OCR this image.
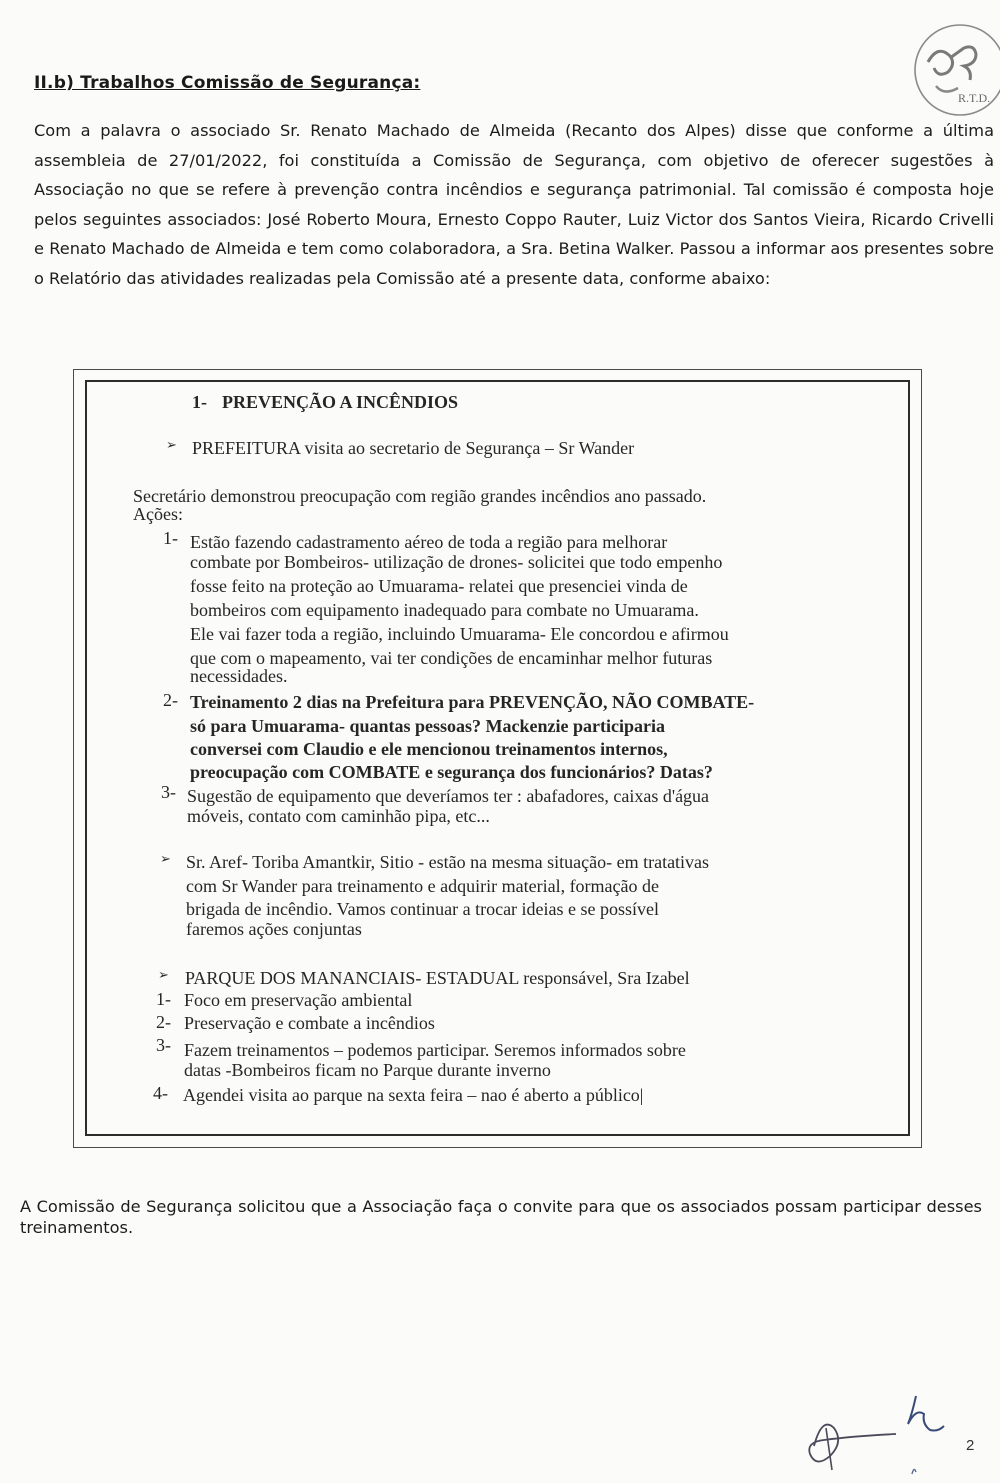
II.b) Trabalhos Comissão de Segurança:
Com a palavra o associado Sr. Renato Machado de Almeida (Recanto dos Alpes) disse que conforme a última assembleia de 27/01/2022, foi constituída a Comissão de Segurança, com objetivo de oferecer sugestões à Associação no que se refere à prevenção contra incêndios e segurança patrimonial. Tal comissão é composta hoje pelos seguintes associados: José Roberto Moura, Ernesto Coppo Rauter, Luiz Victor dos Santos Vieira, Ricardo Crivelli e Renato Machado de Almeida e tem como colaboradora, a Sra. Betina Walker. Passou a informar aos presentes sobre o Relatório das atividades realizadas pela Comissão até a presente data, conforme abaixo:
1- PREVENÇÃO A INCÊNDIOS
➢ PREFEITURA visita ao secretario de Segurança – Sr Wander
Secretário demonstrou preocupação com região grandes incêndios ano passado.
Ações:
1- Estão fazendo cadastramento aéreo de toda a região para melhorar
combate por Bombeiros- utilização de drones- solicitei que todo empenho
fosse feito na proteção ao Umuarama- relatei que presenciei vinda de
bombeiros com equipamento inadequado para combate no Umuarama.
Ele vai fazer toda a região, incluindo Umuarama- Ele concordou e afirmou
que com o mapeamento, vai ter condições de encaminhar melhor futuras
necessidades.
2- Treinamento 2 dias na Prefeitura para PREVENÇÃO, NÃO COMBATE-
só para Umuarama- quantas pessoas? Mackenzie participaria
conversei com Claudio e ele mencionou treinamentos internos,
preocupação com COMBATE e segurança dos funcionários? Datas?
3- Sugestão de equipamento que deveríamos ter : abafadores, caixas d'água
móveis, contato com caminhão pipa, etc...
➢ Sr. Aref- Toriba Amantkir, Sitio - estão na mesma situação- em tratativas
com Sr Wander para treinamento e adquirir material, formação de
brigada de incêndio. Vamos continuar a trocar ideias e se possível
faremos ações conjuntas
➢ PARQUE DOS MANANCIAIS- ESTADUAL responsável, Sra Izabel
1- Foco em preservação ambiental
2- Preservação e combate a incêndios
3- Fazem treinamentos – podemos participar. Seremos informados sobre
datas -Bombeiros ficam no Parque durante inverno
4- Agendei visita ao parque na sexta feira – nao é aberto a público|
A Comissão de Segurança solicitou que a Associação faça o convite para que os associados possam participar desses treinamentos.
R.T.D.
2
